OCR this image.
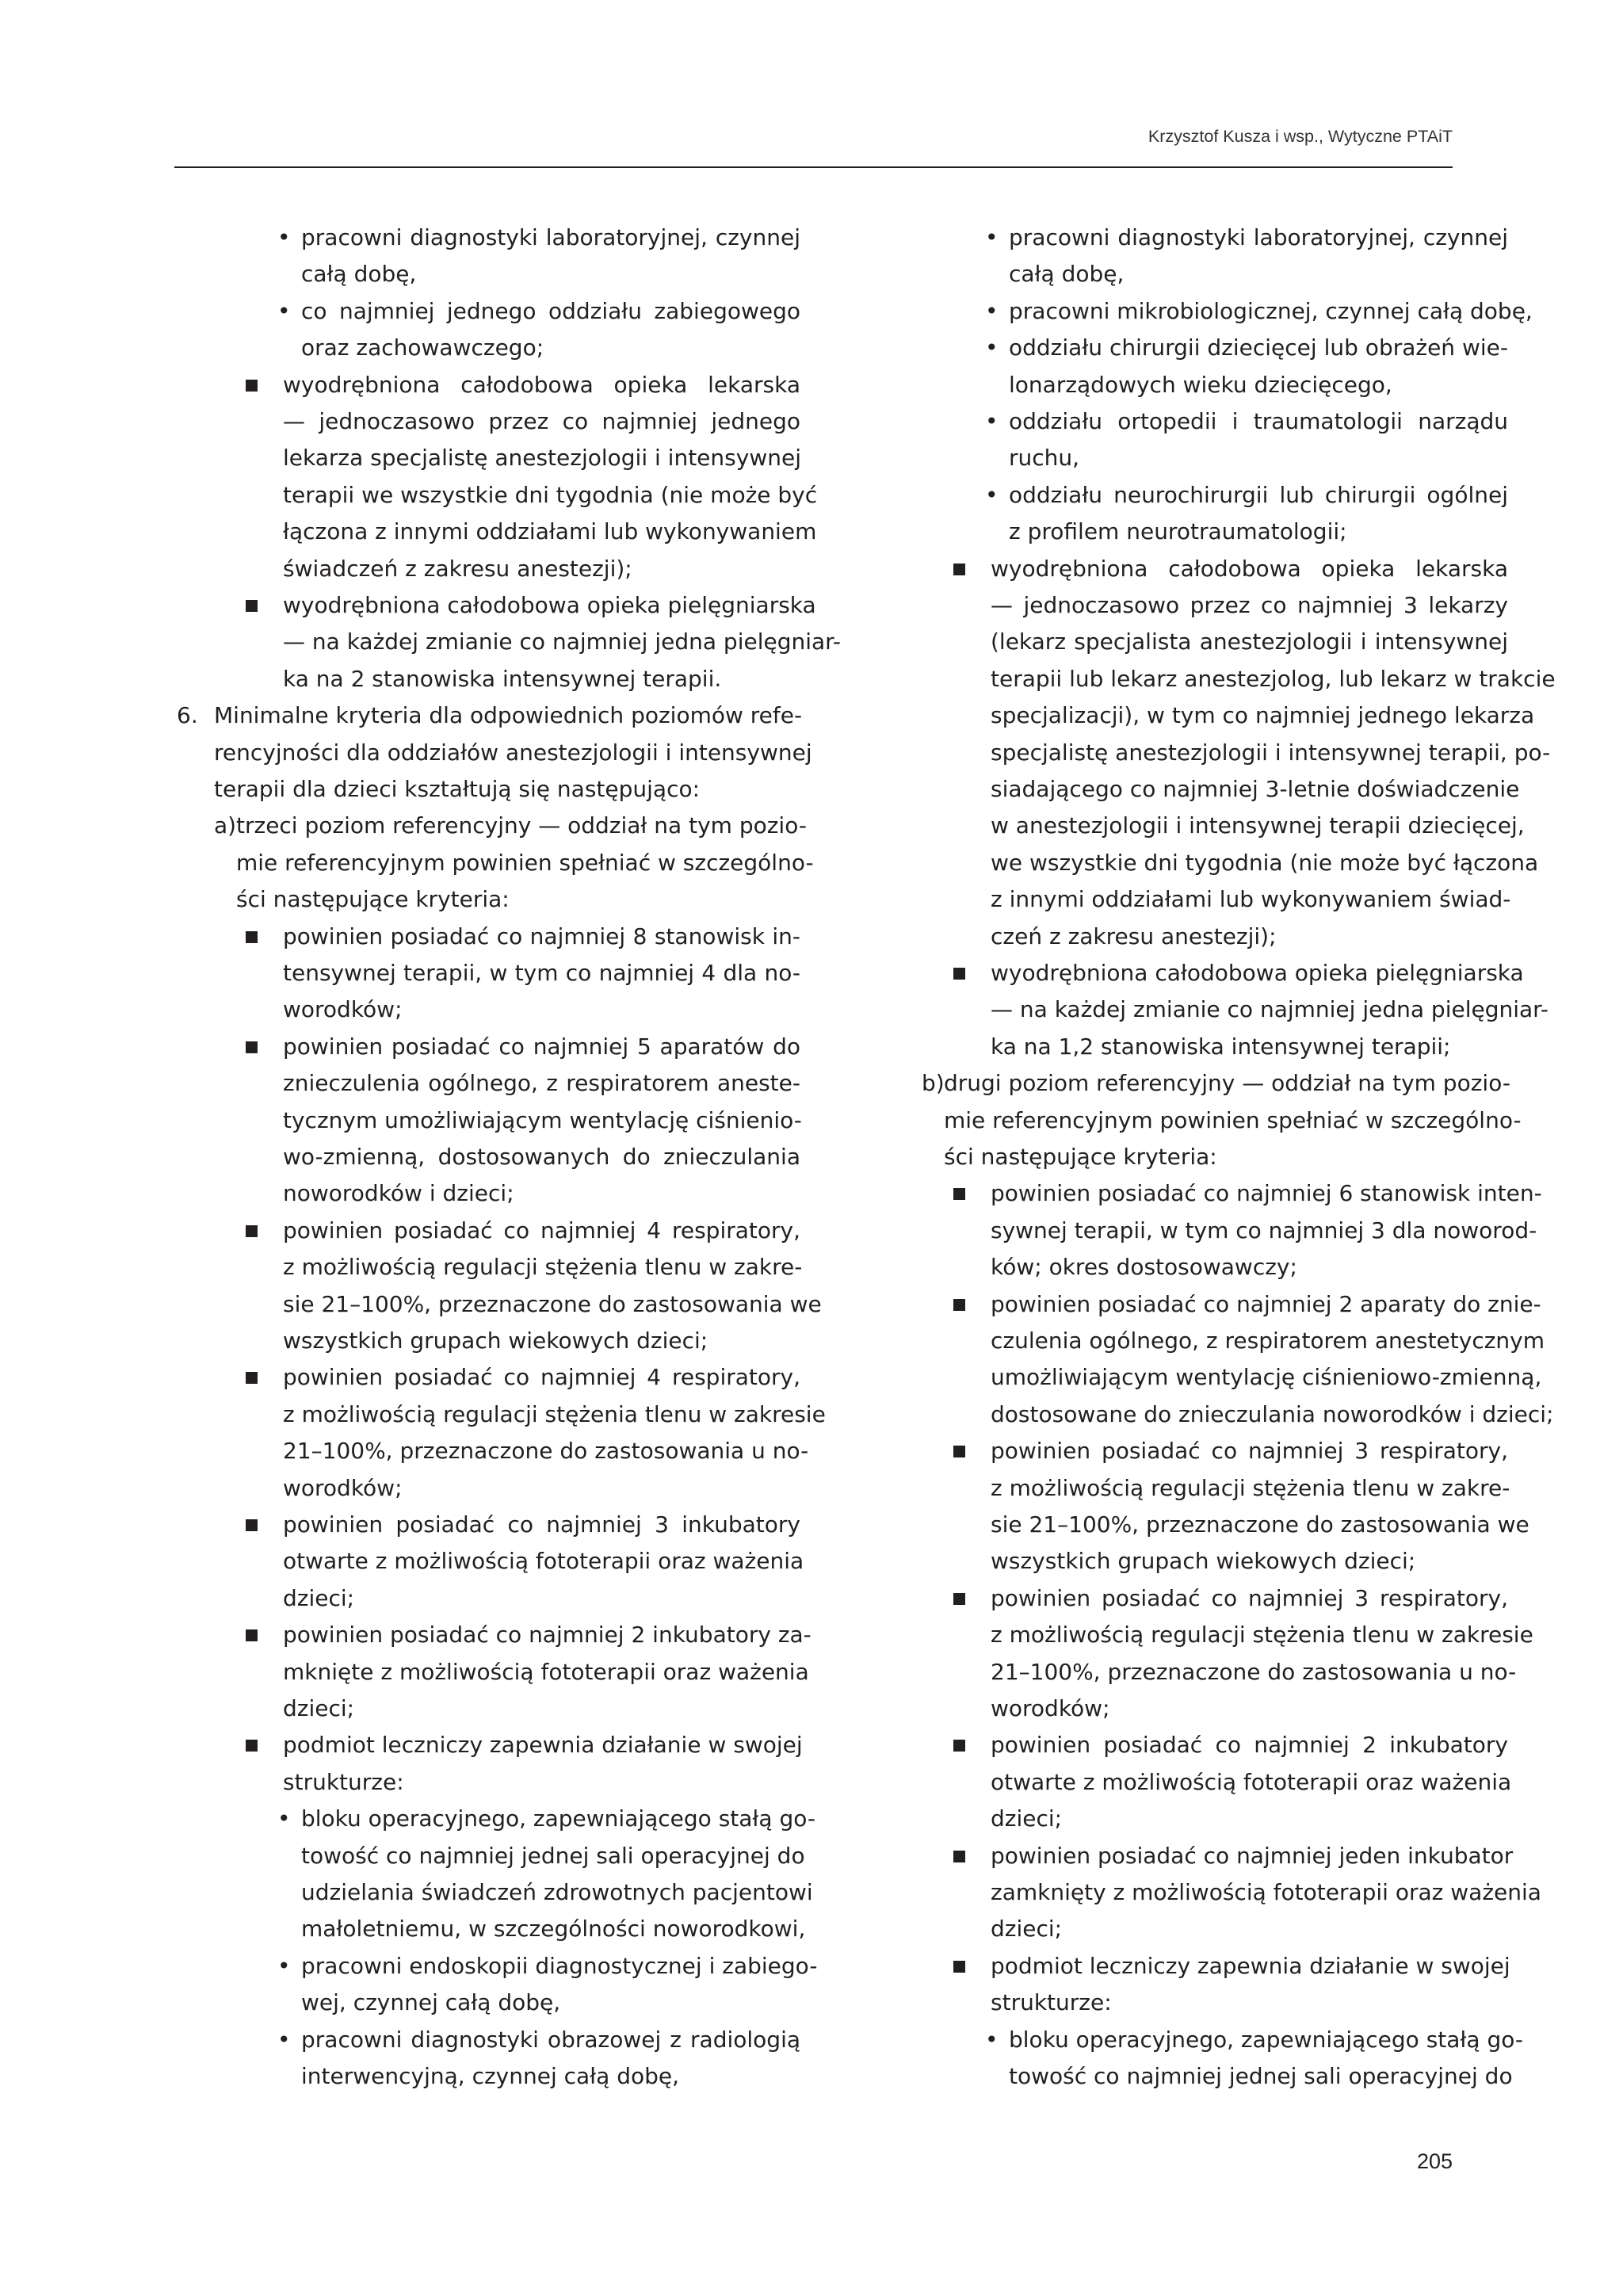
Krzysztof Kusza i wsp., Wytyczne PTAiT
pracowni diagnostyki laboratoryjnej, czynnej
•
całą dobę,
co najmniej jednego oddziału zabiegowego
•
oraz zachowawczego;
wyodrębniona całodobowa opieka lekarska
— jednoczasowo przez co najmniej jednego
lekarza specjalistę anestezjologii i intensywnej
terapii we wszystkie dni tygodnia (nie może być
łączona z innymi oddziałami lub wykonywaniem
świadczeń z zakresu anestezji);
wyodrębniona całodobowa opieka pielęgniarska
— na każdej zmianie co najmniej jedna pielęgniar-
ka na 2 stanowiska intensywnej terapii.
Minimalne kryteria dla odpowiednich poziomów refe-
6.
rencyjności dla oddziałów anestezjologii i intensywnej
terapii dla dzieci kształtują się następująco:
trzeci poziom referencyjny — oddział na tym pozio-
a)
mie referencyjnym powinien spełniać w szczególno-
ści następujące kryteria:
powinien posiadać co najmniej 8 stanowisk in-
tensywnej terapii, w tym co najmniej 4 dla no-
worodków;
powinien posiadać co najmniej 5 aparatów do
znieczulenia ogólnego, z respiratorem aneste-
tycznym umożliwiającym wentylację ciśnienio-
wo-zmienną, dostosowanych do znieczulania
noworodków i dzieci;
powinien posiadać co najmniej 4 respiratory,
z możliwością regulacji stężenia tlenu w zakre-
sie 21–100%, przeznaczone do zastosowania we
wszystkich grupach wiekowych dzieci;
powinien posiadać co najmniej 4 respiratory,
z możliwością regulacji stężenia tlenu w zakresie
21–100%, przeznaczone do zastosowania u no-
worodków;
powinien posiadać co najmniej 3 inkubatory
otwarte z możliwością fototerapii oraz ważenia
dzieci;
powinien posiadać co najmniej 2 inkubatory za-
mknięte z możliwością fototerapii oraz ważenia
dzieci;
podmiot leczniczy zapewnia działanie w swojej
strukturze:
bloku operacyjnego, zapewniającego stałą go-
•
towość co najmniej jednej sali operacyjnej do
udzielania świadczeń zdrowotnych pacjentowi
małoletniemu, w szczególności noworodkowi,
pracowni endoskopii diagnostycznej i zabiego-
•
wej, czynnej całą dobę,
pracowni diagnostyki obrazowej z radiologią
•
interwencyjną, czynnej całą dobę,
pracowni diagnostyki laboratoryjnej, czynnej
•
całą dobę,
pracowni mikrobiologicznej, czynnej całą dobę,
•
oddziału chirurgii dziecięcej lub obrażeń wie-
•
lonarządowych wieku dziecięcego,
oddziału ortopedii i traumatologii narządu
•
ruchu,
oddziału neurochirurgii lub chirurgii ogólnej
•
z profilem neurotraumatologii;
wyodrębniona całodobowa opieka lekarska
— jednoczasowo przez co najmniej 3 lekarzy
(lekarz specjalista anestezjologii i intensywnej
terapii lub lekarz anestezjolog, lub lekarz w trakcie
specjalizacji), w tym co najmniej jednego lekarza
specjalistę anestezjologii i intensywnej terapii, po-
siadającego co najmniej 3-letnie doświadczenie
w anestezjologii i intensywnej terapii dziecięcej,
we wszystkie dni tygodnia (nie może być łączona
z innymi oddziałami lub wykonywaniem świad-
czeń z zakresu anestezji);
wyodrębniona całodobowa opieka pielęgniarska
— na każdej zmianie co najmniej jedna pielęgniar-
ka na 1,2 stanowiska intensywnej terapii;
drugi poziom referencyjny — oddział na tym pozio-
b)
mie referencyjnym powinien spełniać w szczególno-
ści następujące kryteria:
powinien posiadać co najmniej 6 stanowisk inten-
sywnej terapii, w tym co najmniej 3 dla noworod-
ków; okres dostosowawczy;
powinien posiadać co najmniej 2 aparaty do znie-
czulenia ogólnego, z respiratorem anestetycznym
umożliwiającym wentylację ciśnieniowo-zmienną,
dostosowane do znieczulania noworodków i dzieci;
powinien posiadać co najmniej 3 respiratory,
z możliwością regulacji stężenia tlenu w zakre-
sie 21–100%, przeznaczone do zastosowania we
wszystkich grupach wiekowych dzieci;
powinien posiadać co najmniej 3 respiratory,
z możliwością regulacji stężenia tlenu w zakresie
21–100%, przeznaczone do zastosowania u no-
worodków;
powinien posiadać co najmniej 2 inkubatory
otwarte z możliwością fototerapii oraz ważenia
dzieci;
powinien posiadać co najmniej jeden inkubator
zamknięty z możliwością fototerapii oraz ważenia
dzieci;
podmiot leczniczy zapewnia działanie w swojej
strukturze:
bloku operacyjnego, zapewniającego stałą go-
•
towość co najmniej jednej sali operacyjnej do
205
